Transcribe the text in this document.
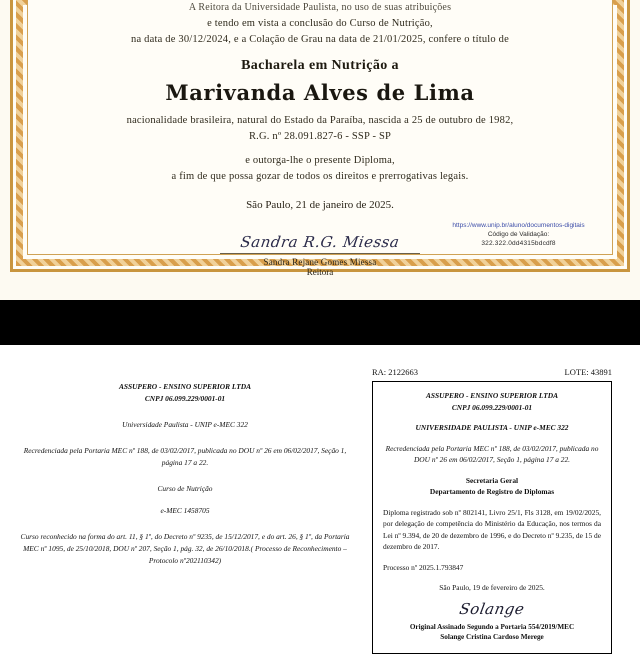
A Reitora da Universidade Paulista, no uso de suas atribuições
e tendo em vista a conclusão do Curso de Nutrição,
na data de 30/12/2024, e a Colação de Grau na data de 21/01/2025, confere o título de
Bacharela em Nutrição a
Marivanda Alves de Lima
nacionalidade brasileira, natural do Estado da Paraíba, nascida a 25 de outubro de 1982,
R.G. nº 28.091.827-6 - SSP - SP
e outorga-lhe o presente Diploma,
a fim de que possa gozar de todos os direitos e prerrogativas legais.
São Paulo, 21 de janeiro de 2025.
Sandra R.G. Miessa
Sandra Rejane Gomes Miessa
Reitora
https://www.unip.br/aluno/documentos-digitais
Código de Validação:
322.322.0dd4315bdcdf8
RA: 2122663	LOTE: 43891
ASSUPERO - ENSINO SUPERIOR LTDA
CNPJ 06.099.229/0001-01
Universidade Paulista - UNIP e-MEC 322
Recredenciada pela Portaria MEC nº 188, de 03/02/2017, publicada no DOU nº 26 em 06/02/2017, Seção 1, página 17 a 22.
Curso de Nutrição
e-MEC 1458705
Curso reconhecido na forma do art. 11, § 1º, do Decreto nº 9235, de 15/12/2017, e do art. 26, § 1º, da Portaria MEC nº 1095, de 25/10/2018, DOU nº 207, Seção 1, pág. 32, de 26/10/2018.( Processo de Reconhecimento – Protocolo nº202110342)
ASSUPERO - ENSINO SUPERIOR LTDA
CNPJ 06.099.229/0001-01
UNIVERSIDADE PAULISTA - UNIP e-MEC 322
Recredenciada pela Portaria MEC nº 188, de 03/02/2017, publicada no DOU nº 26 em 06/02/2017, Seção 1, página 17 a 22.
Secretaria Geral
Departamento de Registro de Diplomas
Diploma registrado sob nº 802141, Livro 25/1, Fls 3128, em 19/02/2025, por delegação de competência do Ministério da Educação, nos termos da Lei nº 9.394, de 20 de dezembro de 1996, e do Decreto nº 9.235, de 15 de dezembro de 2017.
Processo nº 2025.1.793847
São Paulo, 19 de fevereiro de 2025.
Solange
Original Assinado Segundo a Portaria 554/2019/MEC
Solange Cristina Cardoso Merege
